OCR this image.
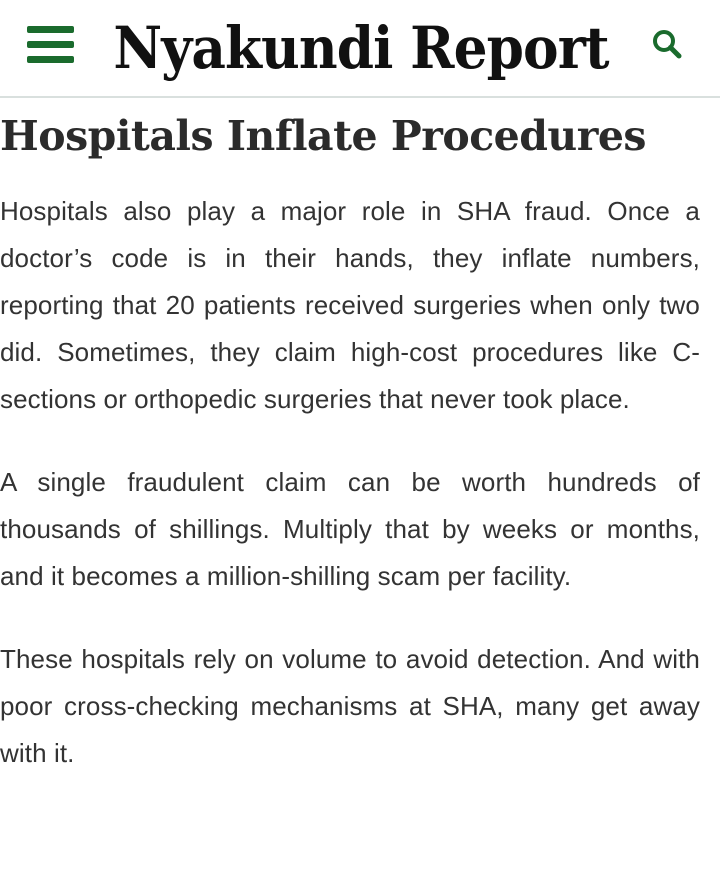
Nyakundi Report
Hospitals Inflate Procedures

Hospitals also play a major role in SHA fraud. Once a doctor’s code is in their hands, they inflate numbers, reporting that 20 patients received surgeries when only two did. Sometimes, they claim high-cost procedures like C-sections or orthopedic surgeries that never took place.

A single fraudulent claim can be worth hundreds of thousands of shillings. Multiply that by weeks or months, and it becomes a million-shilling scam per facility.

These hospitals rely on volume to avoid detection. And with poor cross-checking mechanisms at SHA, many get away with it.
